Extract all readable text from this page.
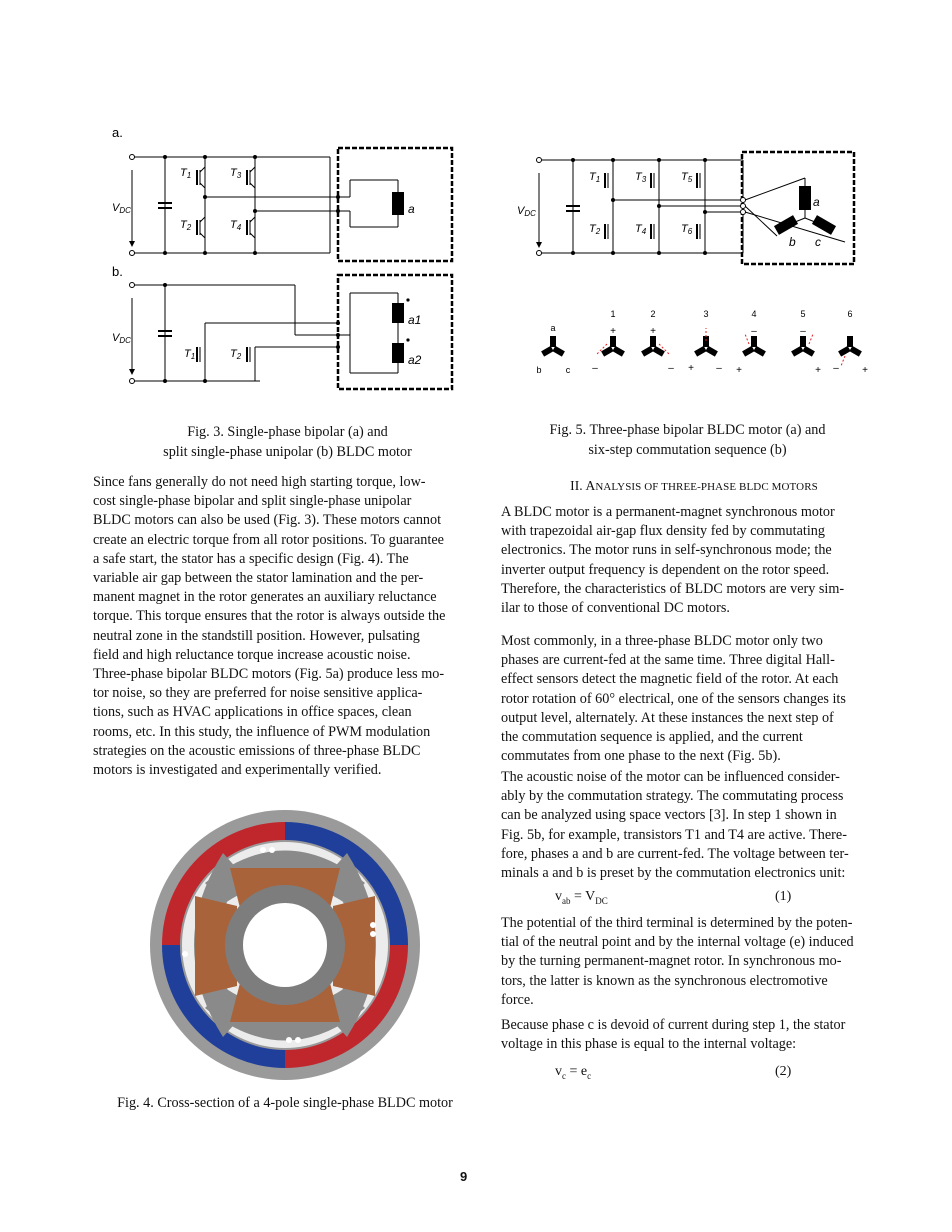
a.
b.
VDC
VDC
T1	T3
T2	T4
T1	T2
a
a1
a2
Fig. 3. Single-phase bipolar (a) and
split single-phase unipolar (b) BLDC motor
VDC
T1	T3	T5
T2	T4	T6
a
b c
1	2	3	4	5	6
a
b	c
+
–
+
– + –
–
+
–
+ – +
Fig. 5. Three-phase bipolar BLDC motor (a) and
six-step commutation sequence (b)
Since fans generally do not need high starting torque, low-
cost single-phase bipolar and split single-phase unipolar
BLDC motors can also be used (Fig. 3). These motors cannot
create an electric torque from all rotor positions. To guarantee
a safe start, the stator has a specific design (Fig. 4). The
variable air gap between the stator lamination and the per-
manent magnet in the rotor generates an auxiliary reluctance
torque. This torque ensures that the rotor is always outside the
neutral zone in the standstill position. However, pulsating
field and high reluctance torque increase acoustic noise.
Three-phase bipolar BLDC motors (Fig. 5a) produce less mo-
tor noise, so they are preferred for noise sensitive applica-
tions, such as HVAC applications in office spaces, clean
rooms, etc. In this study, the influence of PWM modulation
strategies on the acoustic emissions of three-phase BLDC
motors is investigated and experimentally verified.
Fig. 4. Cross-section of a 4-pole single-phase BLDC motor
II. ANALYSIS OF THREE-PHASE BLDC MOTORS
A BLDC motor is a permanent-magnet synchronous motor
with trapezoidal air-gap flux density fed by commutating
electronics. The motor runs in self-synchronous mode; the
inverter output frequency is dependent on the rotor speed.
Therefore, the characteristics of BLDC motors are very sim-
ilar to those of conventional DC motors.
Most commonly, in a three-phase BLDC motor only two
phases are current-fed at the same time. Three digital Hall-
effect sensors detect the magnetic field of the rotor. At each
rotor rotation of 60° electrical, one of the sensors changes its
output level, alternately. At these instances the next step of
the commutation sequence is applied, and the current
commutates from one phase to the next (Fig. 5b).
The acoustic noise of the motor can be influenced consider-
ably by the commutation strategy. The commutating process
can be analyzed using space vectors [3]. In step 1 shown in
Fig. 5b, for example, transistors T1 and T4 are active. There-
fore, phases a and b are current-fed. The voltage between ter-
minals a and b is preset by the commutation electronics unit:
$v_{ab} = V_{DC}$	(1)
The potential of the third terminal is determined by the poten-
tial of the neutral point and by the internal voltage (e) induced
by the turning permanent-magnet rotor. In synchronous mo-
tors, the latter is known as the synchronous electromotive
force.
Because phase c is devoid of current during step 1, the stator
voltage in this phase is equal to the internal voltage:
$v_c = e_c$	(2)
9
